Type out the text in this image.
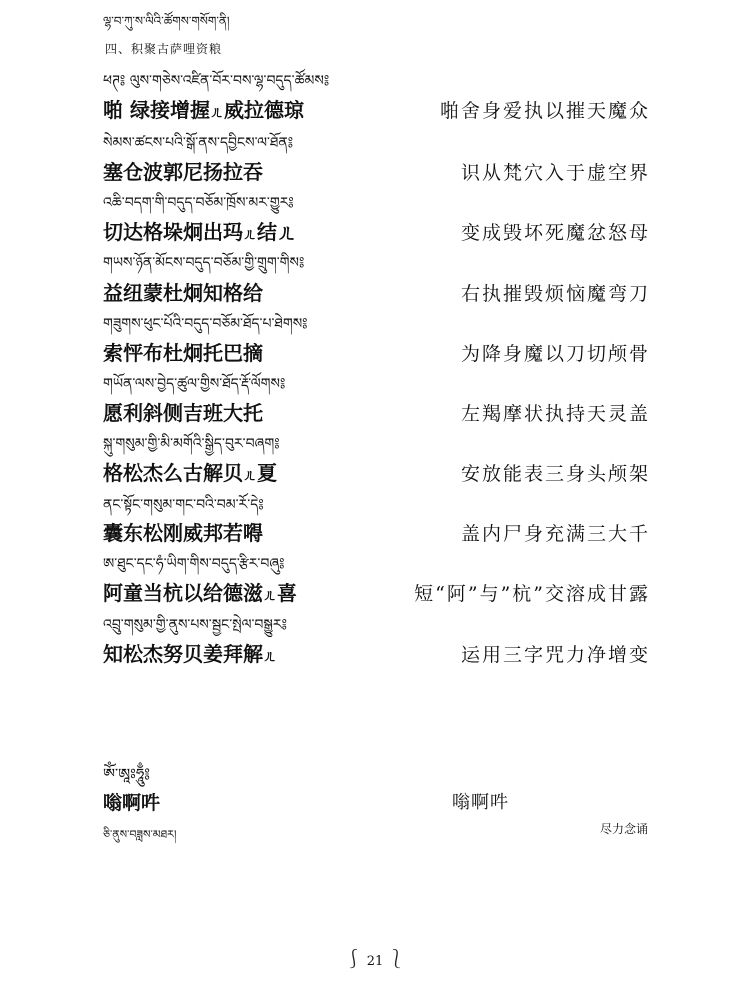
ལྷ་བ་ཀུ་ས་ལིའི་ཚོགས་གསོག་ནི།
四、积聚古萨哩资粮
ཕཊ༔ ལུས་གཅེས་འཛིན་བོར་བས་ལྷ་བདུད་ཚོམས༔
啪 绿接增握ㄦ威拉德琼	啪舍身爱执以摧天魔众
སེམས་ཚངས་པའི་སྒོ་ནས་དབྱིངས་ལ་ཐོན༔
塞仓波郭尼扬拉吞	识从梵穴入于虚空界
འཆི་བདག་གི་བདུད་བཅོམ་ཁྲོས་མར་གྱུར༔
切达格垛炯出玛ㄦ结ㄦ	变成毁坏死魔忿怒母
གཡས་ཉོན་མོངས་བདུད་བཅོམ་གྱི་གྲུག་གིས༔
益纽蒙杜炯知格给	右执摧毁烦恼魔弯刀
གཟུགས་ཕུང་པོའི་བདུད་བཅོམ་ཐོད་པ་ཐེགས༔
索怦布杜炯托巴摘	为降身魔以刀切颅骨
གཡོན་ལས་བྱེད་ཚུལ་གྱིས་ཐོད་རྡོ་ལོགས༔
愿利斜侧吉班大托	左羯摩状执持天灵盖
སྐུ་གསུམ་གྱི་མི་མགོའི་སྒྱིད་བུར་བཞག༔
格松杰么古解贝ㄦ夏	安放能表三身头颅架
ནང་སྟོང་གསུམ་གང་བའི་བམ་རོ་དེ༔
囊东松刚威邦若嘚	盖内尸身充满三大千
ཨ་ཐུང་དང་ཧཾ་ཡིག་གིས་བདུད་རྩིར་བཞུ༔
阿童当杭以给德滋ㄦ喜	短“阿”与”杭”交溶成甘露
འབྲུ་གསུམ་གྱི་ནུས་པས་སྦྱང་སྤེལ་བསྒྱུར༔
知松杰努贝姜拜解ㄦ	运用三字咒力净增变
ཨོཾ་ཨཱཿཧཱུྃ༔
嗡啊吽	嗡啊吽
ཅི་ནུས་བཟླས་མཐར།	尽力念诵
⎰ 21 ⎱
